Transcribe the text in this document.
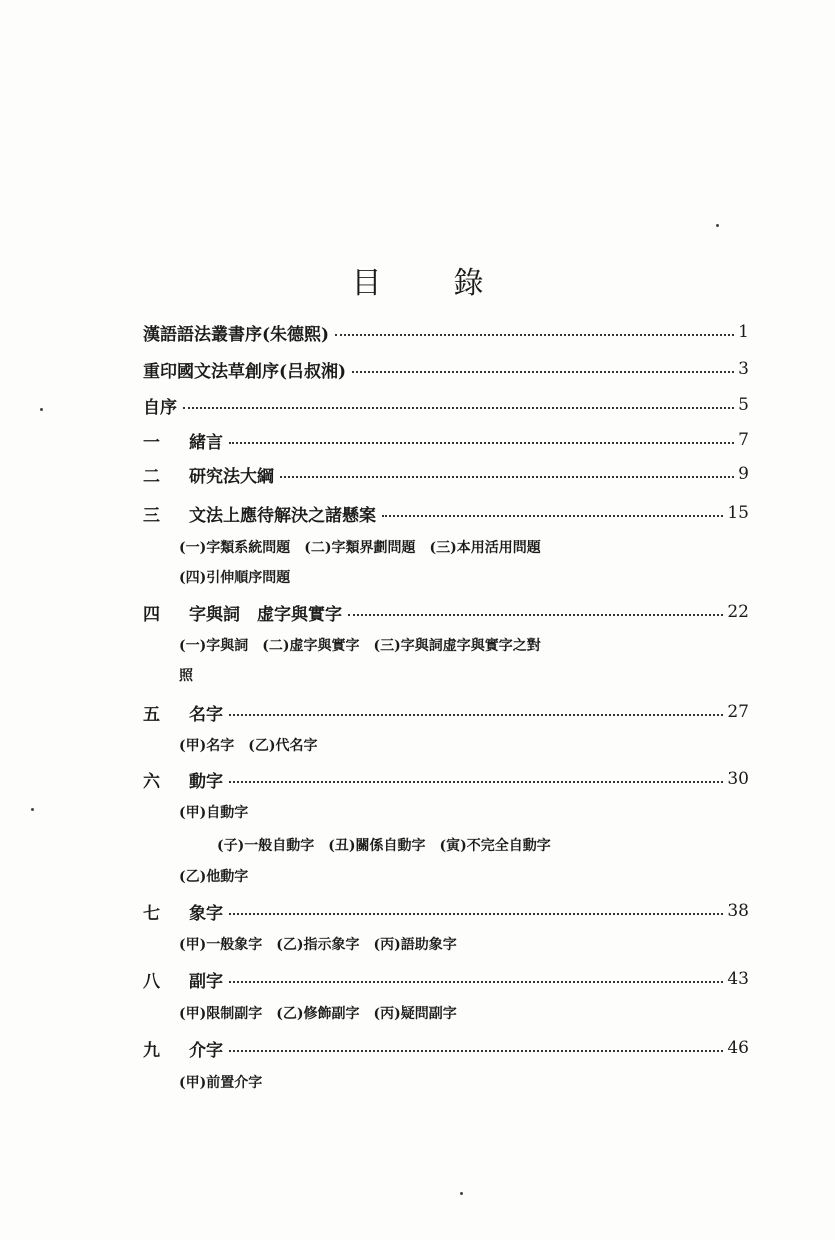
目 錄
漢語語法叢書序(朱德熙)	1
重印國文法草創序(吕叔湘)	3
自序	5
一	緒言	7
二	研究法大綱	9
三	文法上應待解決之諸懸案	15
(一)字類系統問題　(二)字類界劃問題　(三)本用活用問題
(四)引伸順序問題
四	字與詞　虚字與實字	22
(一)字與詞　(二)虚字與實字　(三)字與詞虚字與實字之對
照
五	名字	27
(甲)名字　(乙)代名字
六	動字	30
(甲)自動字
(子)一般自動字　(丑)關係自動字　(寅)不完全自動字
(乙)他動字
七	象字	38
(甲)一般象字　(乙)指示象字　(丙)語助象字
八	副字	43
(甲)限制副字　(乙)修飾副字　(丙)疑問副字
九	介字	46
(甲)前置介字
